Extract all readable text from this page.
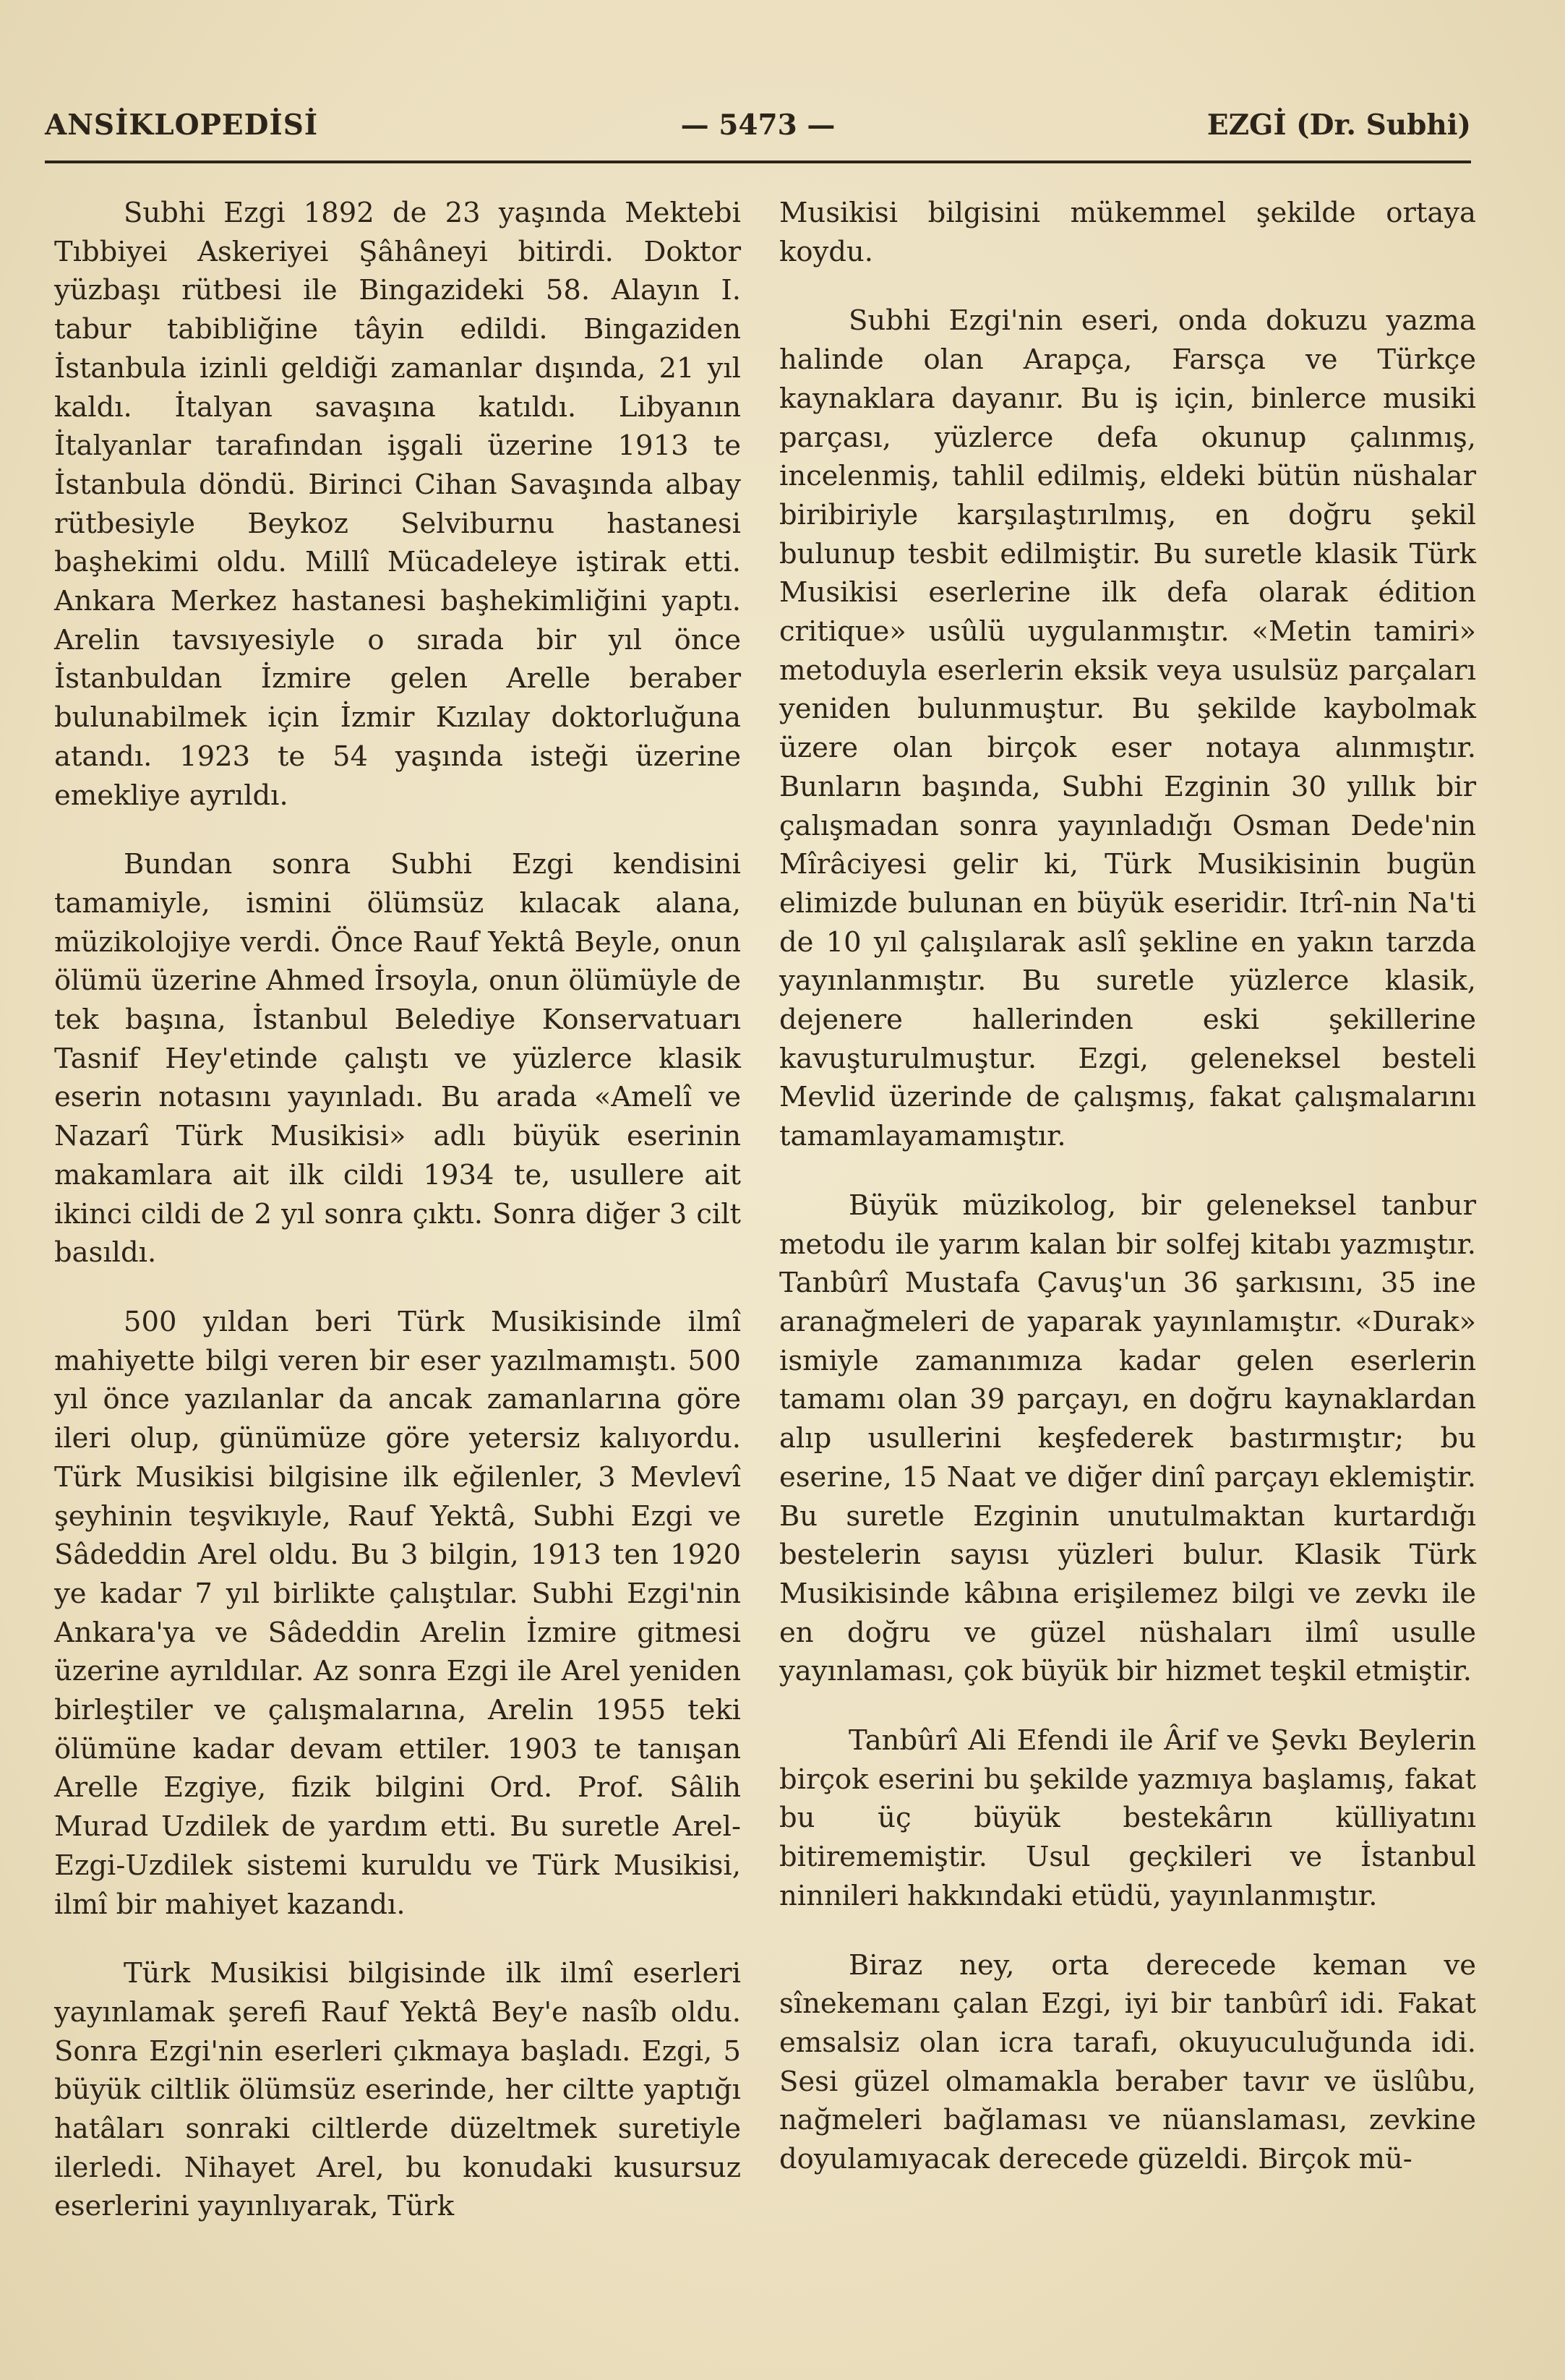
ANSİKLOPEDİSİ	— 5473 —	EZGİ (Dr. Subhi)

Subhi Ezgi 1892 de 23 yaşında Mektebi Tıbbiyei Askeriyei Şâhâneyi bitirdi. Doktor yüzbaşı rütbesi ile Bingazideki 58. Alayın I. tabur tabibliğine tâyin edildi. Bingaziden İstanbula izinli geldiği zamanlar dışında, 21 yıl kaldı. İtalyan savaşına katıldı. Libyanın İtalyanlar tarafından işgali üzerine 1913 te İstanbula döndü. Birinci Cihan Savaşında albay rütbesiyle Beykoz Selviburnu hastanesi başhekimi oldu. Millî Mücadeleye iştirak etti. Ankara Merkez hastanesi başhekimliğini yaptı. Arelin tavsıyesiyle o sırada bir yıl önce İstanbuldan İzmire gelen Arelle beraber bulunabilmek için İzmir Kızılay doktorluğuna atandı. 1923 te 54 yaşında isteği üzerine emekliye ayrıldı.

Bundan sonra Subhi Ezgi kendisini tamamiyle, ismini ölümsüz kılacak alana, müzikolojiye verdi. Önce Rauf Yektâ Beyle, onun ölümü üzerine Ahmed İrsoyla, onun ölümüyle de tek başına, İstanbul Belediye Konservatuarı Tasnif Hey'etinde çalıştı ve yüzlerce klasik eserin notasını yayınladı. Bu arada «Amelî ve Nazarî Türk Musikisi» adlı büyük eserinin makamlara ait ilk cildi 1934 te, usullere ait ikinci cildi de 2 yıl sonra çıktı. Sonra diğer 3 cilt basıldı.

500 yıldan beri Türk Musikisinde ilmî mahiyette bilgi veren bir eser yazılmamıştı. 500 yıl önce yazılanlar da ancak zamanlarına göre ileri olup, günümüze göre yetersiz kalıyordu. Türk Musikisi bilgisine ilk eğilenler, 3 Mevlevî şeyhinin teşvikıyle, Rauf Yektâ, Subhi Ezgi ve Sâdeddin Arel oldu. Bu 3 bilgin, 1913 ten 1920 ye kadar 7 yıl birlikte çalıştılar. Subhi Ezgi'nin Ankara'ya ve Sâdeddin Arelin İzmire gitmesi üzerine ayrıldılar. Az sonra Ezgi ile Arel yeniden birleştiler ve çalışmalarına, Arelin 1955 teki ölümüne kadar devam ettiler. 1903 te tanışan Arelle Ezgiye, fizik bilgini Ord. Prof. Sâlih Murad Uzdilek de yardım etti. Bu suretle Arel-Ezgi-Uzdilek sistemi kuruldu ve Türk Musikisi, ilmî bir mahiyet kazandı.

Türk Musikisi bilgisinde ilk ilmî eserleri yayınlamak şerefi Rauf Yektâ Bey'e nasîb oldu. Sonra Ezgi'nin eserleri çıkmaya başladı. Ezgi, 5 büyük ciltlik ölümsüz eserinde, her ciltte yaptığı hatâları sonraki ciltlerde düzeltmek suretiyle ilerledi. Nihayet Arel, bu konudaki kusursuz eserlerini yayınlıyarak, Türk

Musikisi bilgisini mükemmel şekilde ortaya koydu.

Subhi Ezgi'nin eseri, onda dokuzu yazma halinde olan Arapça, Farsça ve Türkçe kaynaklara dayanır. Bu iş için, binlerce musiki parçası, yüzlerce defa okunup çalınmış, incelenmiş, tahlil edilmiş, eldeki bütün nüshalar biribiriyle karşılaştırılmış, en doğru şekil bulunup tesbit edilmiştir. Bu suretle klasik Türk Musikisi eserlerine ilk defa olarak édition critique» usûlü uygulanmıştır. «Metin tamiri» metoduyla eserlerin eksik veya usulsüz parçaları yeniden bulunmuştur. Bu şekilde kaybolmak üzere olan birçok eser notaya alınmıştır. Bunların başında, Subhi Ezginin 30 yıllık bir çalışmadan sonra yayınladığı Osman Dede'nin Mîrâciyesi gelir ki, Türk Musikisinin bugün elimizde bulunan en büyük eseridir. Itrî-nin Na'ti de 10 yıl çalışılarak aslî şekline en yakın tarzda yayınlanmıştır. Bu suretle yüzlerce klasik, dejenere hallerinden eski şekillerine kavuşturulmuştur. Ezgi, geleneksel besteli Mevlid üzerinde de çalışmış, fakat çalışmalarını tamamlayamamıştır.

Büyük müzikolog, bir geleneksel tanbur metodu ile yarım kalan bir solfej kitabı yazmıştır. Tanbûrî Mustafa Çavuş'un 36 şarkısını, 35 ine aranağmeleri de yaparak yayınlamıştır. «Durak» ismiyle zamanımıza kadar gelen eserlerin tamamı olan 39 parçayı, en doğru kaynaklardan alıp usullerini keşfederek bastırmıştır; bu eserine, 15 Naat ve diğer dinî parçayı eklemiştir. Bu suretle Ezginin unutulmaktan kurtardığı bestelerin sayısı yüzleri bulur. Klasik Türk Musikisinde kâbına erişilemez bilgi ve zevkı ile en doğru ve güzel nüshaları ilmî usulle yayınlaması, çok büyük bir hizmet teşkil etmiştir.

Tanbûrî Ali Efendi ile Ârif ve Şevkı Beylerin birçok eserini bu şekilde yazmıya başlamış, fakat bu üç büyük bestekârın külliyatını bitirememiştir. Usul geçkileri ve İstanbul ninnileri hakkındaki etüdü, yayınlanmıştır.

Biraz ney, orta derecede keman ve sînekemanı çalan Ezgi, iyi bir tanbûrî idi. Fakat emsalsiz olan icra tarafı, okuyuculuğunda idi. Sesi güzel olmamakla beraber tavır ve üslûbu, nağmeleri bağlaması ve nüanslaması, zevkine doyulamıyacak derecede güzeldi. Birçok mü-
